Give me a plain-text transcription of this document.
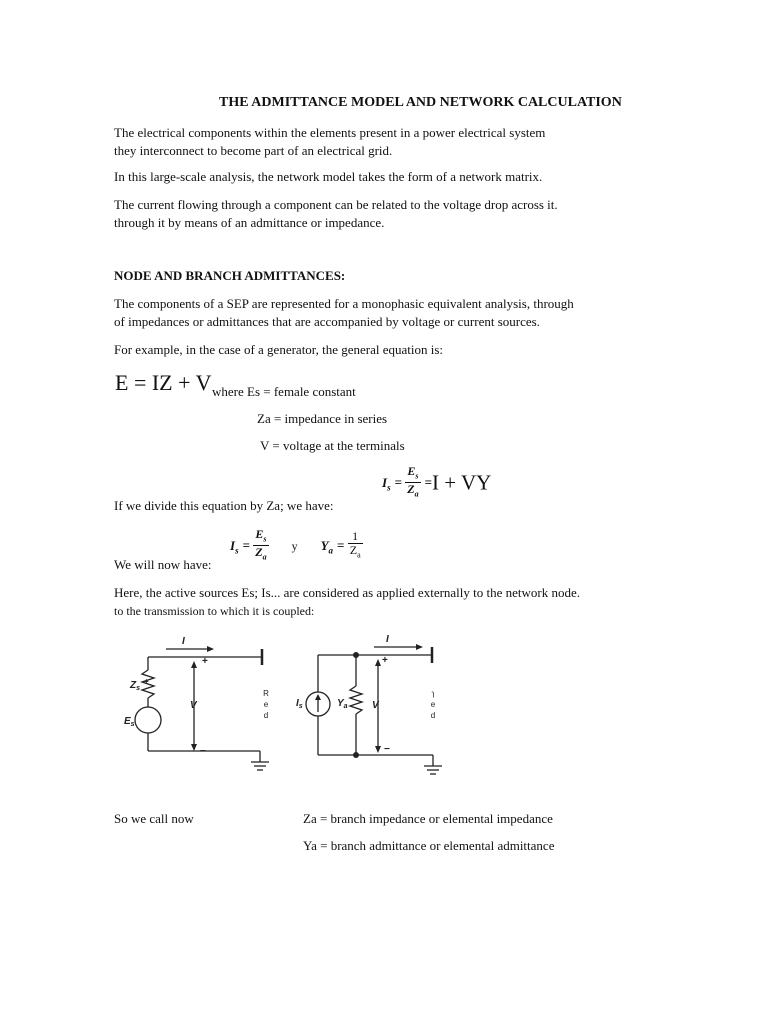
THE ADMITTANCE MODEL AND NETWORK CALCULATION
The electrical components within the elements present in a power electrical system
they interconnect to become part of an electrical grid.
In this large-scale analysis, the network model takes the form of a network matrix.
The current flowing through a component can be related to the voltage drop across it.
through it by means of an admittance or impedance.
NODE AND BRANCH ADMITTANCES:
The components of a SEP are represented for a monophasic equivalent analysis, through
of impedances or admittances that are accompanied by voltage or current sources.
For example, in the case of a generator, the general equation is:
E = IZ + V where Es = female constant
Za = impedance in series
V = voltage at the terminals
$I_s = \frac{E_s}{Z_a} =I$ + VY
If we divide this equation by Za; we have:
$I_s = \frac{E_s}{Z_a}$ y $Y_a = \frac{1}{Z_a}$
We will now have:
Here, the active sources Es; Is... are considered as applied externally to the network node.
to the transmission to which it is coupled:
I
+
−
V
$Z_s$
$E_s$
+
I
+
−
V
$I_s$	$Y_a$
R
e
d
ɿ
e
d
So we call now	Za = branch impedance or elemental impedance
Ya = branch admittance or elemental admittance
